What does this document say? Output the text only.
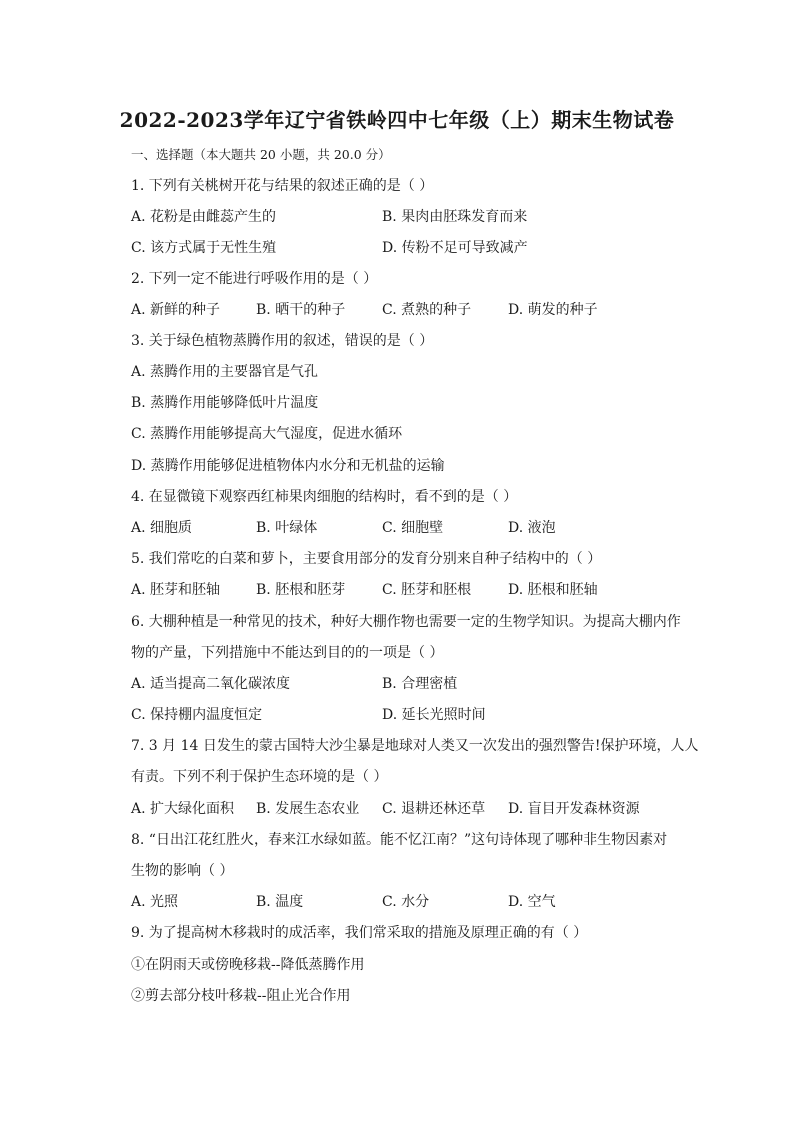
2022-2023学年辽宁省铁岭四中七年级（上）期末生物试卷
一、选择题（本大题共 20 小题，共 20.0 分）
1. 下列有关桃树开花与结果的叙述正确的是（ ）
A. 花粉是由雌蕊产生的	B. 果肉由胚珠发育而来
C. 该方式属于无性生殖	D. 传粉不足可导致减产
2. 下列一定不能进行呼吸作用的是（ ）
A. 新鲜的种子	B. 晒干的种子	C. 煮熟的种子	D. 萌发的种子
3. 关于绿色植物蒸腾作用的叙述，错误的是（ ）
A. 蒸腾作用的主要器官是气孔
B. 蒸腾作用能够降低叶片温度
C. 蒸腾作用能够提高大气湿度，促进水循环
D. 蒸腾作用能够促进植物体内水分和无机盐的运输
4. 在显微镜下观察西红柿果肉细胞的结构时，看不到的是（ ）
A. 细胞质	B. 叶绿体	C. 细胞壁	D. 液泡
5. 我们常吃的白菜和萝卜，主要食用部分的发育分别来自种子结构中的（ ）
A. 胚芽和胚轴	B. 胚根和胚芽	C. 胚芽和胚根	D. 胚根和胚轴
6. 大棚种植是一种常见的技术，种好大棚作物也需要一定的生物学知识。为提高大棚内作
物的产量，下列措施中不能达到目的的一项是（ ）
A. 适当提高二氧化碳浓度	B. 合理密植
C. 保持棚内温度恒定	D. 延长光照时间
7. 3 月 14 日发生的蒙古国特大沙尘暴是地球对人类又一次发出的强烈警告!保护环境，人人
有责。下列不利于保护生态环境的是（ ）
A. 扩大绿化面积 B. 发展生态农业 C. 退耕还林还草 D. 盲目开发森林资源
8. “日出江花红胜火，春来江水绿如蓝。能不忆江南？”这句诗体现了哪种非生物因素对
生物的影响（ ）
A. 光照	B. 温度	C. 水分	D. 空气
9. 为了提高树木移栽时的成活率，我们常采取的措施及原理正确的有（ ）
①在阴雨天或傍晚移栽--降低蒸腾作用
②剪去部分枝叶移栽--阻止光合作用
